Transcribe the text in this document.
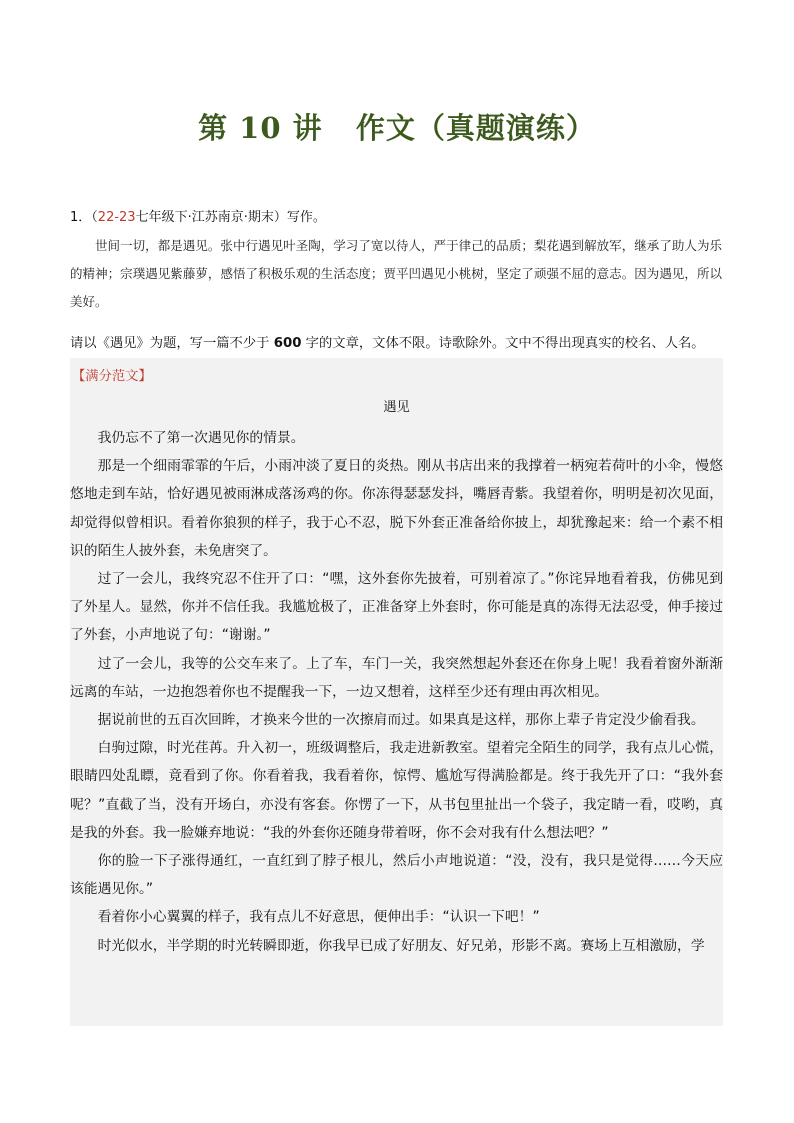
第 10 讲   作文（真题演练）
1．（22-23七年级下·江苏南京·期末）写作。
世间一切，都是遇见。张中行遇见叶圣陶，学习了宽以待人，严于律己的品质；梨花遇到解放军，继承了助人为乐的精神；宗璞遇见紫藤萝，感悟了积极乐观的生活态度；贾平凹遇见小桃树，坚定了顽强不屈的意志。因为遇见，所以美好。
请以《遇见》为题，写一篇不少于 600 字的文章，文体不限。诗歌除外。文中不得出现真实的校名、人名。
【满分范文】
遇见

我仍忘不了第一次遇见你的情景。

那是一个细雨霏霏的午后，小雨冲淡了夏日的炎热。刚从书店出来的我撑着一柄宛若荷叶的小伞，慢悠悠地走到车站，恰好遇见被雨淋成落汤鸡的你。你冻得瑟瑟发抖，嘴唇青紫。我望着你，明明是初次见面，却觉得似曾相识。看着你狼狈的样子，我于心不忍，脱下外套正准备给你披上，却犹豫起来：给一个素不相识的陌生人披外套，未免唐突了。

过了一会儿，我终究忍不住开了口：“嘿，这外套你先披着，可别着凉了。”你诧异地看着我，仿佛见到了外星人。显然，你并不信任我。我尴尬极了，正准备穿上外套时，你可能是真的冻得无法忍受，伸手接过了外套，小声地说了句：“谢谢。”

过了一会儿，我等的公交车来了。上了车，车门一关，我突然想起外套还在你身上呢！我看着窗外渐渐远离的车站，一边抱怨着你也不提醒我一下，一边又想着，这样至少还有理由再次相见。

据说前世的五百次回眸，才换来今世的一次擦肩而过。如果真是这样，那你上辈子肯定没少偷看我。

白驹过隙，时光荏苒。升入初一，班级调整后，我走进新教室。望着完全陌生的同学，我有点儿心慌，眼睛四处乱瞟，竟看到了你。你看着我，我看着你，惊愕、尴尬写得满脸都是。终于我先开了口：“我外套呢？”直截了当，没有开场白，亦没有客套。你愣了一下，从书包里扯出一个袋子，我定睛一看，哎哟，真是我的外套。我一脸嫌弃地说：“我的外套你还随身带着呀，你不会对我有什么想法吧？”

你的脸一下子涨得通红，一直红到了脖子根儿，然后小声地说道：“没，没有，我只是觉得……今天应该能遇见你。”

看着你小心翼翼的样子，我有点儿不好意思，便伸出手：“认识一下吧！”

时光似水，半学期的时光转瞬即逝，你我早已成了好朋友、好兄弟，形影不离。赛场上互相激励，学
